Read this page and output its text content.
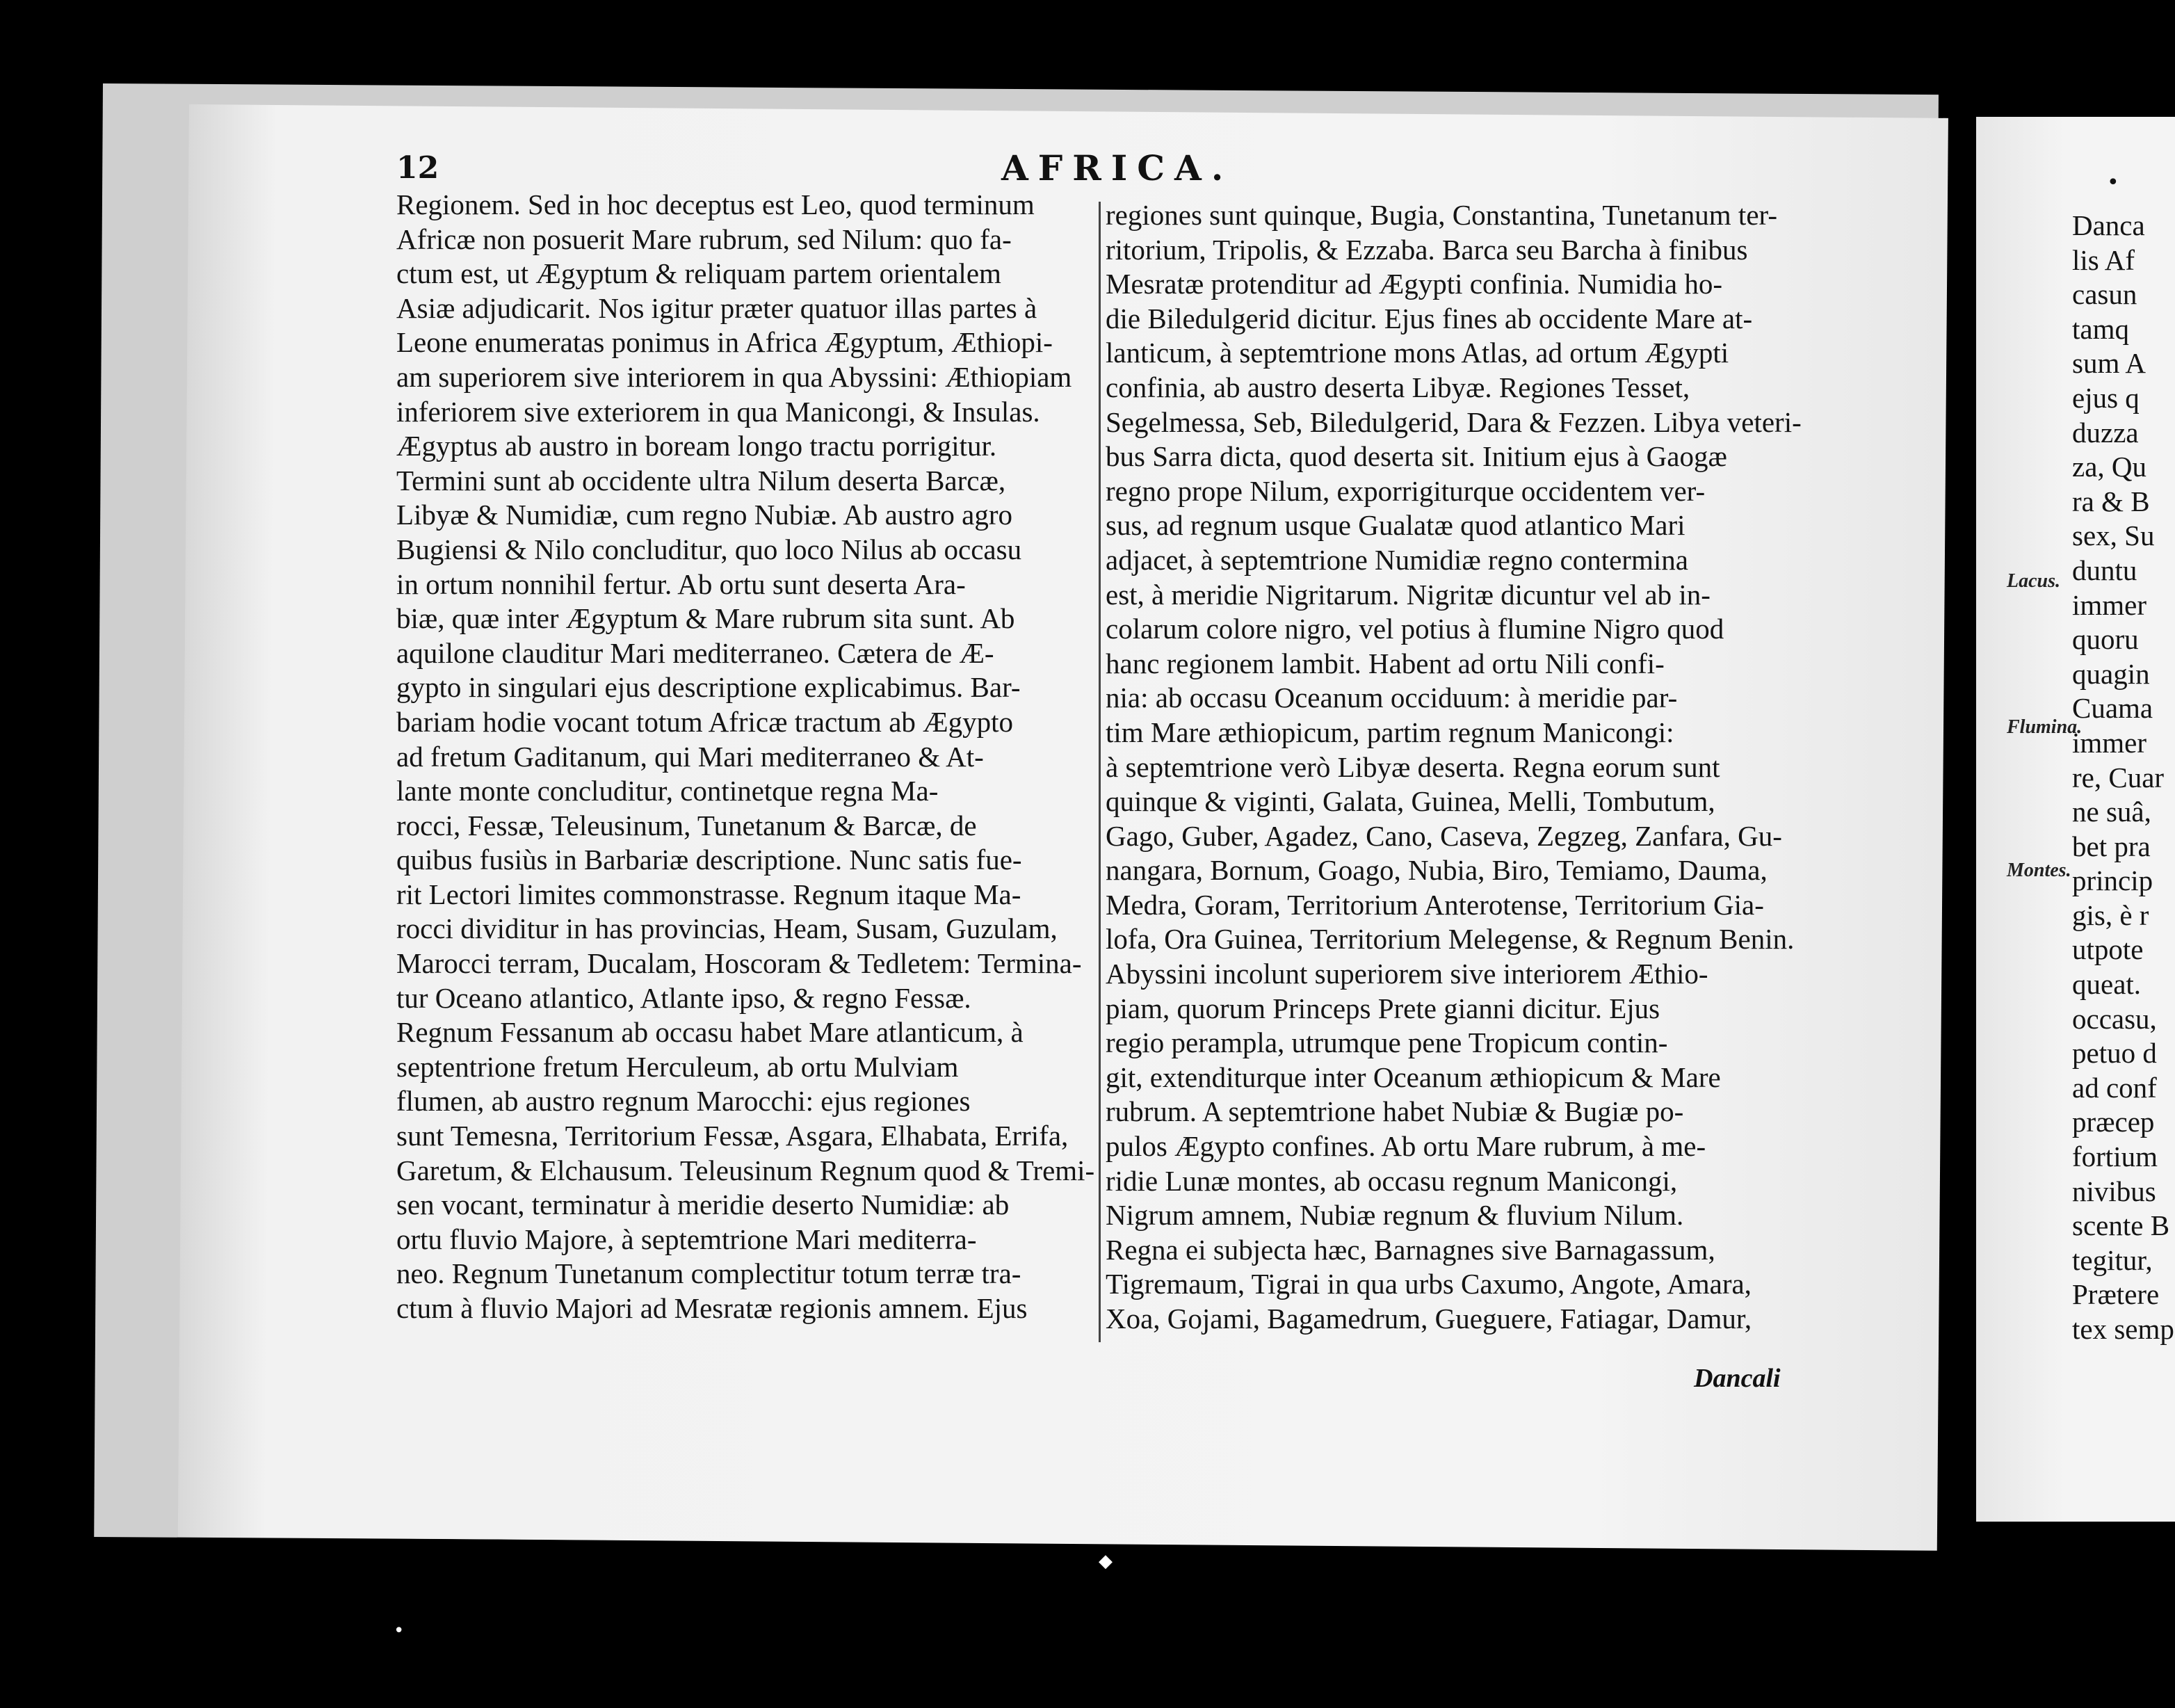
12	AFRICA.
Regionem. Sed in hoc deceptus est Leo, quod terminum
Africæ non posuerit Mare rubrum, sed Nilum: quo fa-
ctum est, ut Ægyptum & reliquam partem orientalem
Asiæ adjudicarit. Nos igitur præter quatuor illas partes à
Leone enumeratas ponimus in Africa Ægyptum, Æthiopi-
am superiorem sive interiorem in qua Abyssini: Æthiopiam
inferiorem sive exteriorem in qua Manicongi, & Insulas.
Ægyptus ab austro in boream longo tractu porrigitur.
Termini sunt ab occidente ultra Nilum deserta Barcæ,
Libyæ & Numidiæ, cum regno Nubiæ. Ab austro agro
Bugiensi & Nilo concluditur, quo loco Nilus ab occasu
in ortum nonnihil fertur. Ab ortu sunt deserta Ara-
biæ, quæ inter Ægyptum & Mare rubrum sita sunt. Ab
aquilone clauditur Mari mediterraneo. Cætera de Æ-
gypto in singulari ejus descriptione explicabimus. Bar-
bariam hodie vocant totum Africæ tractum ab Ægypto
ad fretum Gaditanum, qui Mari mediterraneo & At-
lante monte concluditur, continetque regna Ma-
rocci, Fessæ, Teleusinum, Tunetanum & Barcæ, de
quibus fusiùs in Barbariæ descriptione. Nunc satis fue-
rit Lectori limites commonstrasse. Regnum itaque Ma-
rocci dividitur in has provincias, Heam, Susam, Guzulam,
Marocci terram, Ducalam, Hoscoram & Tedletem: Termina-
tur Oceano atlantico, Atlante ipso, & regno Fessæ.
Regnum Fessanum ab occasu habet Mare atlanticum, à
septentrione fretum Herculeum, ab ortu Mulviam
flumen, ab austro regnum Marocchi: ejus regiones
sunt Temesna, Territorium Fessæ, Asgara, Elhabata, Errifa,
Garetum, & Elchausum. Teleusinum Regnum quod & Tremi-
sen vocant, terminatur à meridie deserto Numidiæ: ab
ortu fluvio Majore, à septemtrione Mari mediterra-
neo. Regnum Tunetanum complectitur totum terræ tra-
ctum à fluvio Majori ad Mesratæ regionis amnem. Ejus
regiones sunt quinque, Bugia, Constantina, Tunetanum ter-
ritorium, Tripolis, & Ezzaba. Barca seu Barcha à finibus
Mesratæ protenditur ad Ægypti confinia. Numidia ho-
die Biledulgerid dicitur. Ejus fines ab occidente Mare at-
lanticum, à septemtrione mons Atlas, ad ortum Ægypti
confinia, ab austro deserta Libyæ. Regiones Tesset,
Segelmessa, Seb, Biledulgerid, Dara & Fezzen. Libya veteri-
bus Sarra dicta, quod deserta sit. Initium ejus à Gaogæ
regno prope Nilum, exporrigiturque occidentem ver-
sus, ad regnum usque Gualatæ quod atlantico Mari
adjacet, à septemtrione Numidiæ regno contermina
est, à meridie Nigritarum. Nigritæ dicuntur vel ab in-
colarum colore nigro, vel potius à flumine Nigro quod
hanc regionem lambit. Habent ad ortu Nili confi-
nia: ab occasu Oceanum occiduum: à meridie par-
tim Mare æthiopicum, partim regnum Manicongi:
à septemtrione verò Libyæ deserta. Regna eorum sunt
quinque & viginti, Galata, Guinea, Melli, Tombutum,
Gago, Guber, Agadez, Cano, Caseva, Zegzeg, Zanfara, Gu-
nangara, Bornum, Goago, Nubia, Biro, Temiamo, Dauma,
Medra, Goram, Territorium Anterotense, Territorium Gia-
lofa, Ora Guinea, Territorium Melegense, & Regnum Benin.
Abyssini incolunt superiorem sive interiorem Æthio-
piam, quorum Princeps Prete gianni dicitur. Ejus
regio perampla, utrumque pene Tropicum contin-
git, extenditurque inter Oceanum æthiopicum & Mare
rubrum. A septemtrione habet Nubiæ & Bugiæ po-
pulos Ægypto confines. Ab ortu Mare rubrum, à me-
ridie Lunæ montes, ab occasu regnum Manicongi,
Nigrum amnem, Nubiæ regnum & fluvium Nilum.
Regna ei subjecta hæc, Barnagnes sive Barnagassum,
Tigremaum, Tigrai in qua urbs Caxumo, Angote, Amara,
Xoa, Gojami, Bagamedrum, Gueguere, Fatiagar, Damur,
Dancali
•
Danca
lis Af
casun
tamq
sum A
ejus q
duzza
za, Qu
ra & B
sex, Su
duntu
immer
quoru
quagin
Cuama
immer
re, Cuar
ne suâ,
bet pra
princip
gis, è r
utpote
queat.
occasu,
petuo d
ad conf
præcep
fortium
nivibus
scente B
tegitur,
Prætere
tex semp
Lacus.
Flumina.
Montes.
◆
•
